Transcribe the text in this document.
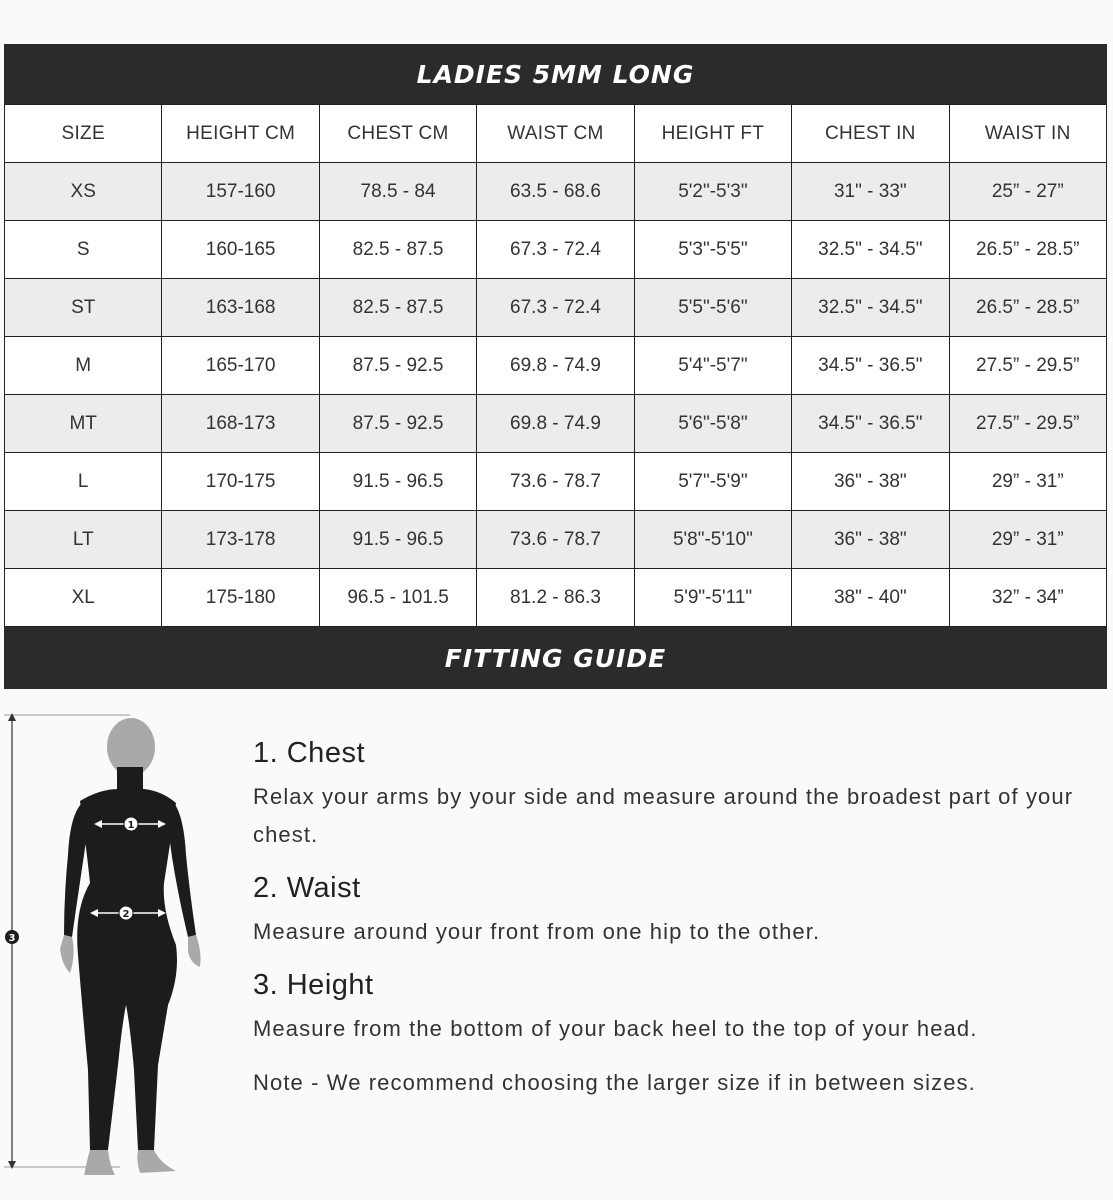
LADIES 5MM LONG
SIZE	HEIGHT CM	CHEST CM	WAIST CM	HEIGHT FT	CHEST IN	WAIST IN
XS	157-160	78.5 - 84	63.5 - 68.6	5'2"-5'3"	31" - 33"	25” - 27”
S	160-165	82.5 - 87.5	67.3 - 72.4	5'3"-5'5"	32.5" - 34.5"	26.5” - 28.5”
ST	163-168	82.5 - 87.5	67.3 - 72.4	5'5"-5'6"	32.5" - 34.5"	26.5” - 28.5”
M	165-170	87.5 - 92.5	69.8 - 74.9	5'4"-5'7"	34.5" - 36.5"	27.5” - 29.5”
MT	168-173	87.5 - 92.5	69.8 - 74.9	5'6"-5'8"	34.5" - 36.5"	27.5” - 29.5”
L	170-175	91.5 - 96.5	73.6 - 78.7	5'7"-5'9"	36" - 38"	29” - 31”
LT	173-178	91.5 - 96.5	73.6 - 78.7	5'8"-5'10"	36" - 38"	29” - 31”
XL	175-180	96.5 - 101.5	81.2 - 86.3	5'9"-5'11"	38" - 40"	32” - 34”
FITTING GUIDE
1
2
3

1. Chest

Relax your arms by your side and measure around the broadest part of your chest.

2. Waist

Measure around your front from one hip to the other.

3. Height

Measure from the bottom of your back heel to the top of your head.

Note - We recommend choosing the larger size if in between sizes.
